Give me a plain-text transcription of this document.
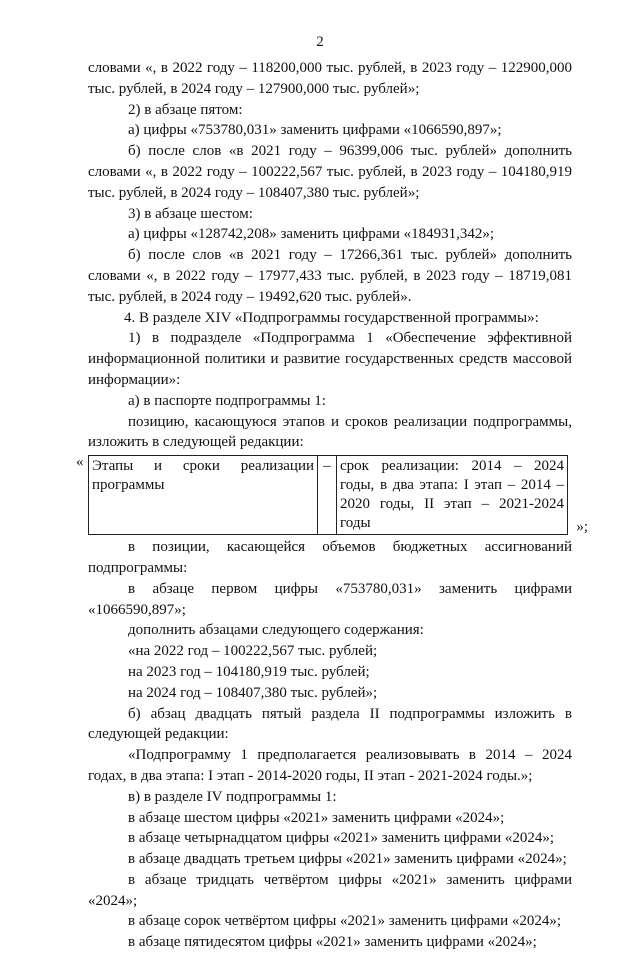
2

словами «, в 2022 году – 118200,000 тыс. рублей, в 2023 году – 122900,000 тыс. рублей, в 2024 году – 127900,000 тыс. рублей»;

2) в абзаце пятом:

а) цифры «753780,031» заменить цифрами «1066590,897»;

б) после слов «в 2021 году – 96399,006 тыс. рублей» дополнить словами «, в 2022 году – 100222,567 тыс. рублей, в 2023 году – 104180,919 тыс. рублей, в 2024 году – 108407,380 тыс. рублей»;

3) в абзаце шестом:

а) цифры «128742,208» заменить цифрами «184931,342»;

б) после слов «в 2021 году – 17266,361 тыс. рублей» дополнить словами «, в 2022 году – 17977,433 тыс. рублей, в 2023 году – 18719,081 тыс. рублей, в 2024 году – 19492,620 тыс. рублей».

4. В разделе XIV «Подпрограммы государственной программы»:

1) в подразделе «Подпрограмма 1 «Обеспечение эффективной информационной политики и развитие государственных средств массовой информации»:

а) в паспорте подпрограммы 1:

позицию, касающуюся этапов и сроков реализации подпрограммы, изложить в следующей редакции:

« Этапы и сроки реализации программы	–	срок реализации: 2014 – 2024 годы, в два этапа: I этап – 2014 – 2020 годы, II этап – 2021-2024 годы	»;

в позиции, касающейся объемов бюджетных ассигнований подпрограммы:

в абзаце первом цифры «753780,031» заменить цифрами «1066590,897»;

дополнить абзацами следующего содержания:

«на 2022 год – 100222,567 тыс. рублей;

на 2023 год – 104180,919 тыс. рублей;

на 2024 год – 108407,380 тыс. рублей»;

б) абзац двадцать пятый раздела II подпрограммы изложить в следующей редакции:

«Подпрограмму 1 предполагается реализовывать в 2014 – 2024 годах, в два этапа: I этап - 2014-2020 годы, II этап - 2021-2024 годы.»;

в) в разделе IV подпрограммы 1:

в абзаце шестом цифры «2021» заменить цифрами «2024»;

в абзаце четырнадцатом цифры «2021» заменить цифрами «2024»;

в абзаце двадцать третьем цифры «2021» заменить цифрами «2024»;

в абзаце тридцать четвёртом цифры «2021» заменить цифрами «2024»;

в абзаце сорок четвёртом цифры «2021» заменить цифрами «2024»;

в абзаце пятидесятом цифры «2021» заменить цифрами «2024»;
